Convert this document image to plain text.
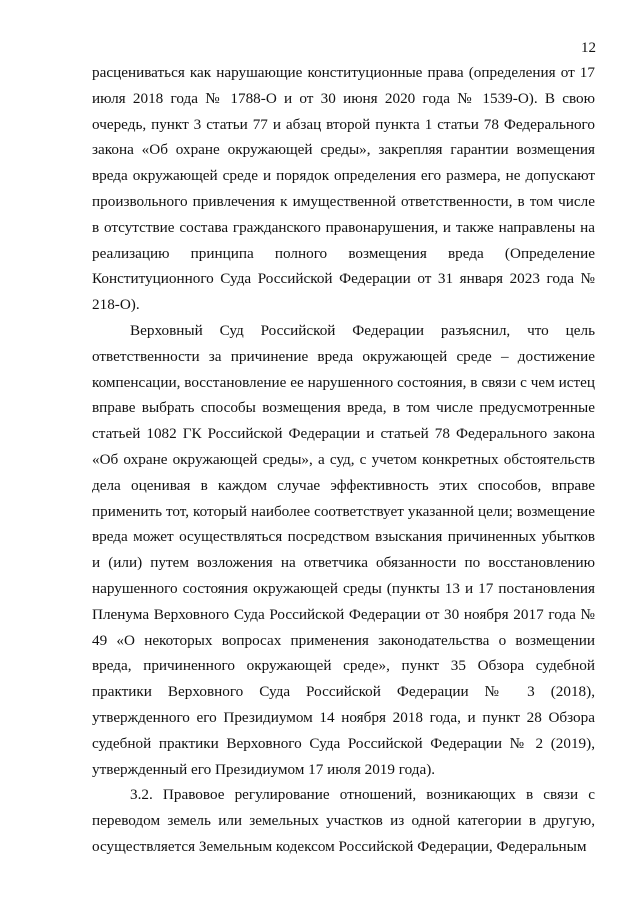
12

расцениваться как нарушающие конституционные права (определения от 17 июля 2018 года № 1788-О и от 30 июня 2020 года № 1539-О). В свою очередь, пункт 3 статьи 77 и абзац второй пункта 1 статьи 78 Федерального закона «Об охране окружающей среды», закрепляя гарантии возмещения вреда окружающей среде и порядок определения его размера, не допускают произвольного привлечения к имущественной ответственности, в том числе в отсутствие состава гражданского правонарушения, и также направлены на реализацию принципа полного возмещения вреда (Определение Конституционного Суда Российской Федерации от 31 января 2023 года № 218-О).

Верховный Суд Российской Федерации разъяснил, что цель ответственности за причинение вреда окружающей среде – достижение компенсации, восстановление ее нарушенного состояния, в связи с чем истец вправе выбрать способы возмещения вреда, в том числе предусмотренные статьей 1082 ГК Российской Федерации и статьей 78 Федерального закона «Об охране окружающей среды», а суд, с учетом конкретных обстоятельств дела оценивая в каждом случае эффективность этих способов, вправе применить тот, который наиболее соответствует указанной цели; возмещение вреда может осуществляться посредством взыскания причиненных убытков и (или) путем возложения на ответчика обязанности по восстановлению нарушенного состояния окружающей среды (пункты 13 и 17 постановления Пленума Верховного Суда Российской Федерации от 30 ноября 2017 года № 49 «О некоторых вопросах применения законодательства о возмещении вреда, причиненного окружающей среде», пункт 35 Обзора судебной практики Верховного Суда Российской Федерации № 3 (2018), утвержденного его Президиумом 14 ноября 2018 года, и пункт 28 Обзора судебной практики Верховного Суда Российской Федерации № 2 (2019), утвержденный его Президиумом 17 июля 2019 года).

3.2. Правовое регулирование отношений, возникающих в связи с переводом земель или земельных участков из одной категории в другую, осуществляется Земельным кодексом Российской Федерации, Федеральным
